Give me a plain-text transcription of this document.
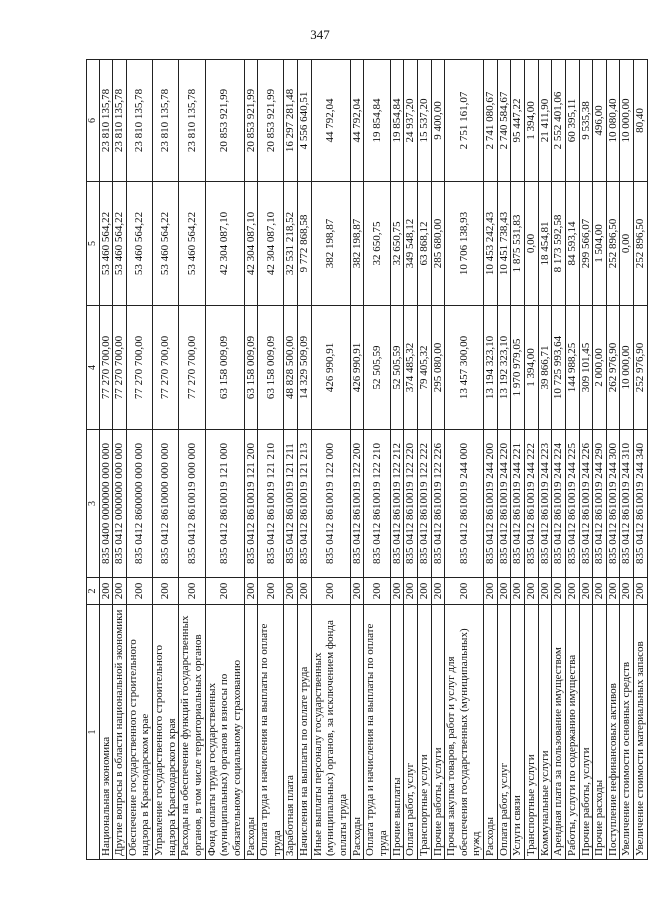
347
1	2	3	4	5	6
Национальная экономика	200	835 0400 0000000 000 000	77 270 700,00	53 460 564,22	23 810 135,78
Другие вопросы в области национальной экономики	200	835 0412 0000000 000 000	77 270 700,00	53 460 564,22	23 810 135,78
Обеспечение государственного строительного надзора в Краснодарском крае	200	835 0412 8600000 000 000	77 270 700,00	53 460 564,22	23 810 135,78
Управление государственного строительного надзора Краснодарского края	200	835 0412 8610000 000 000	77 270 700,00	53 460 564,22	23 810 135,78
Расходы на обеспечение функций государственных органов, в том числе территориальных органов	200	835 0412 8610019 000 000	77 270 700,00	53 460 564,22	23 810 135,78
Фонд оплаты труда государственных (муниципальных) органов и взносы по обязательному социальному страхованию	200	835 0412 8610019 121 000	63 158 009,09	42 304 087,10	20 853 921,99
Расходы	200	835 0412 8610019 121 200	63 158 009,09	42 304 087,10	20 853 921,99
Оплата труда и начисления на выплаты по оплате труда	200	835 0412 8610019 121 210	63 158 009,09	42 304 087,10	20 853 921,99
Заработная плата	200	835 0412 8610019 121 211	48 828 500,00	32 531 218,52	16 297 281,48
Начисления на выплаты по оплате труда	200	835 0412 8610019 121 213	14 329 509,09	9 772 868,58	4 556 640,51
Иные выплаты персоналу государственных (муниципальных) органов, за исключением фонда оплаты труда	200	835 0412 8610019 122 000	426 990,91	382 198,87	44 792,04
Расходы	200	835 0412 8610019 122 200	426 990,91	382 198,87	44 792,04
Оплата труда и начисления на выплаты по оплате труда	200	835 0412 8610019 122 210	52 505,59	32 650,75	19 854,84
Прочие выплаты	200	835 0412 8610019 122 212	52 505,59	32 650,75	19 854,84
Оплата работ, услуг	200	835 0412 8610019 122 220	374 485,32	349 548,12	24 937,20
Транспортные услуги	200	835 0412 8610019 122 222	79 405,32	63 868,12	15 537,20
Прочие работы, услуги	200	835 0412 8610019 122 226	295 080,00	285 680,00	9 400,00
Прочая закупка товаров, работ и услуг для обеспечения государственных (муниципальных) нужд	200	835 0412 8610019 244 000	13 457 300,00	10 706 138,93	2 751 161,07
Расходы	200	835 0412 8610019 244 200	13 194 323,10	10 453 242,43	2 741 080,67
Оплата работ, услуг	200	835 0412 8610019 244 220	13 192 323,10	10 451 738,43	2 740 584,67
Услуги связи	200	835 0412 8610019 244 221	1 970 979,05	1 875 531,83	95 447,22
Транспортные услуги	200	835 0412 8610019 244 222	1 394,00	0,00	1 394,00
Коммунальные услуги	200	835 0412 8610019 244 223	39 866,71	18 454,81	21 411,90
Арендная плата за пользование имуществом	200	835 0412 8610019 244 224	10 725 993,64	8 173 592,58	2 552 401,06
Работы, услуги по содержанию имущества	200	835 0412 8610019 244 225	144 988,25	84 593,14	60 395,11
Прочие работы, услуги	200	835 0412 8610019 244 226	309 101,45	299 566,07	9 535,38
Прочие расходы	200	835 0412 8610019 244 290	2 000,00	1 504,00	496,00
Поступление нефинансовых активов	200	835 0412 8610019 244 300	262 976,90	252 896,50	10 080,40
Увеличение стоимости основных средств	200	835 0412 8610019 244 310	10 000,00	0,00	10 000,00
Увеличение стоимости материальных запасов	200	835 0412 8610019 244 340	252 976,90	252 896,50	80,40
